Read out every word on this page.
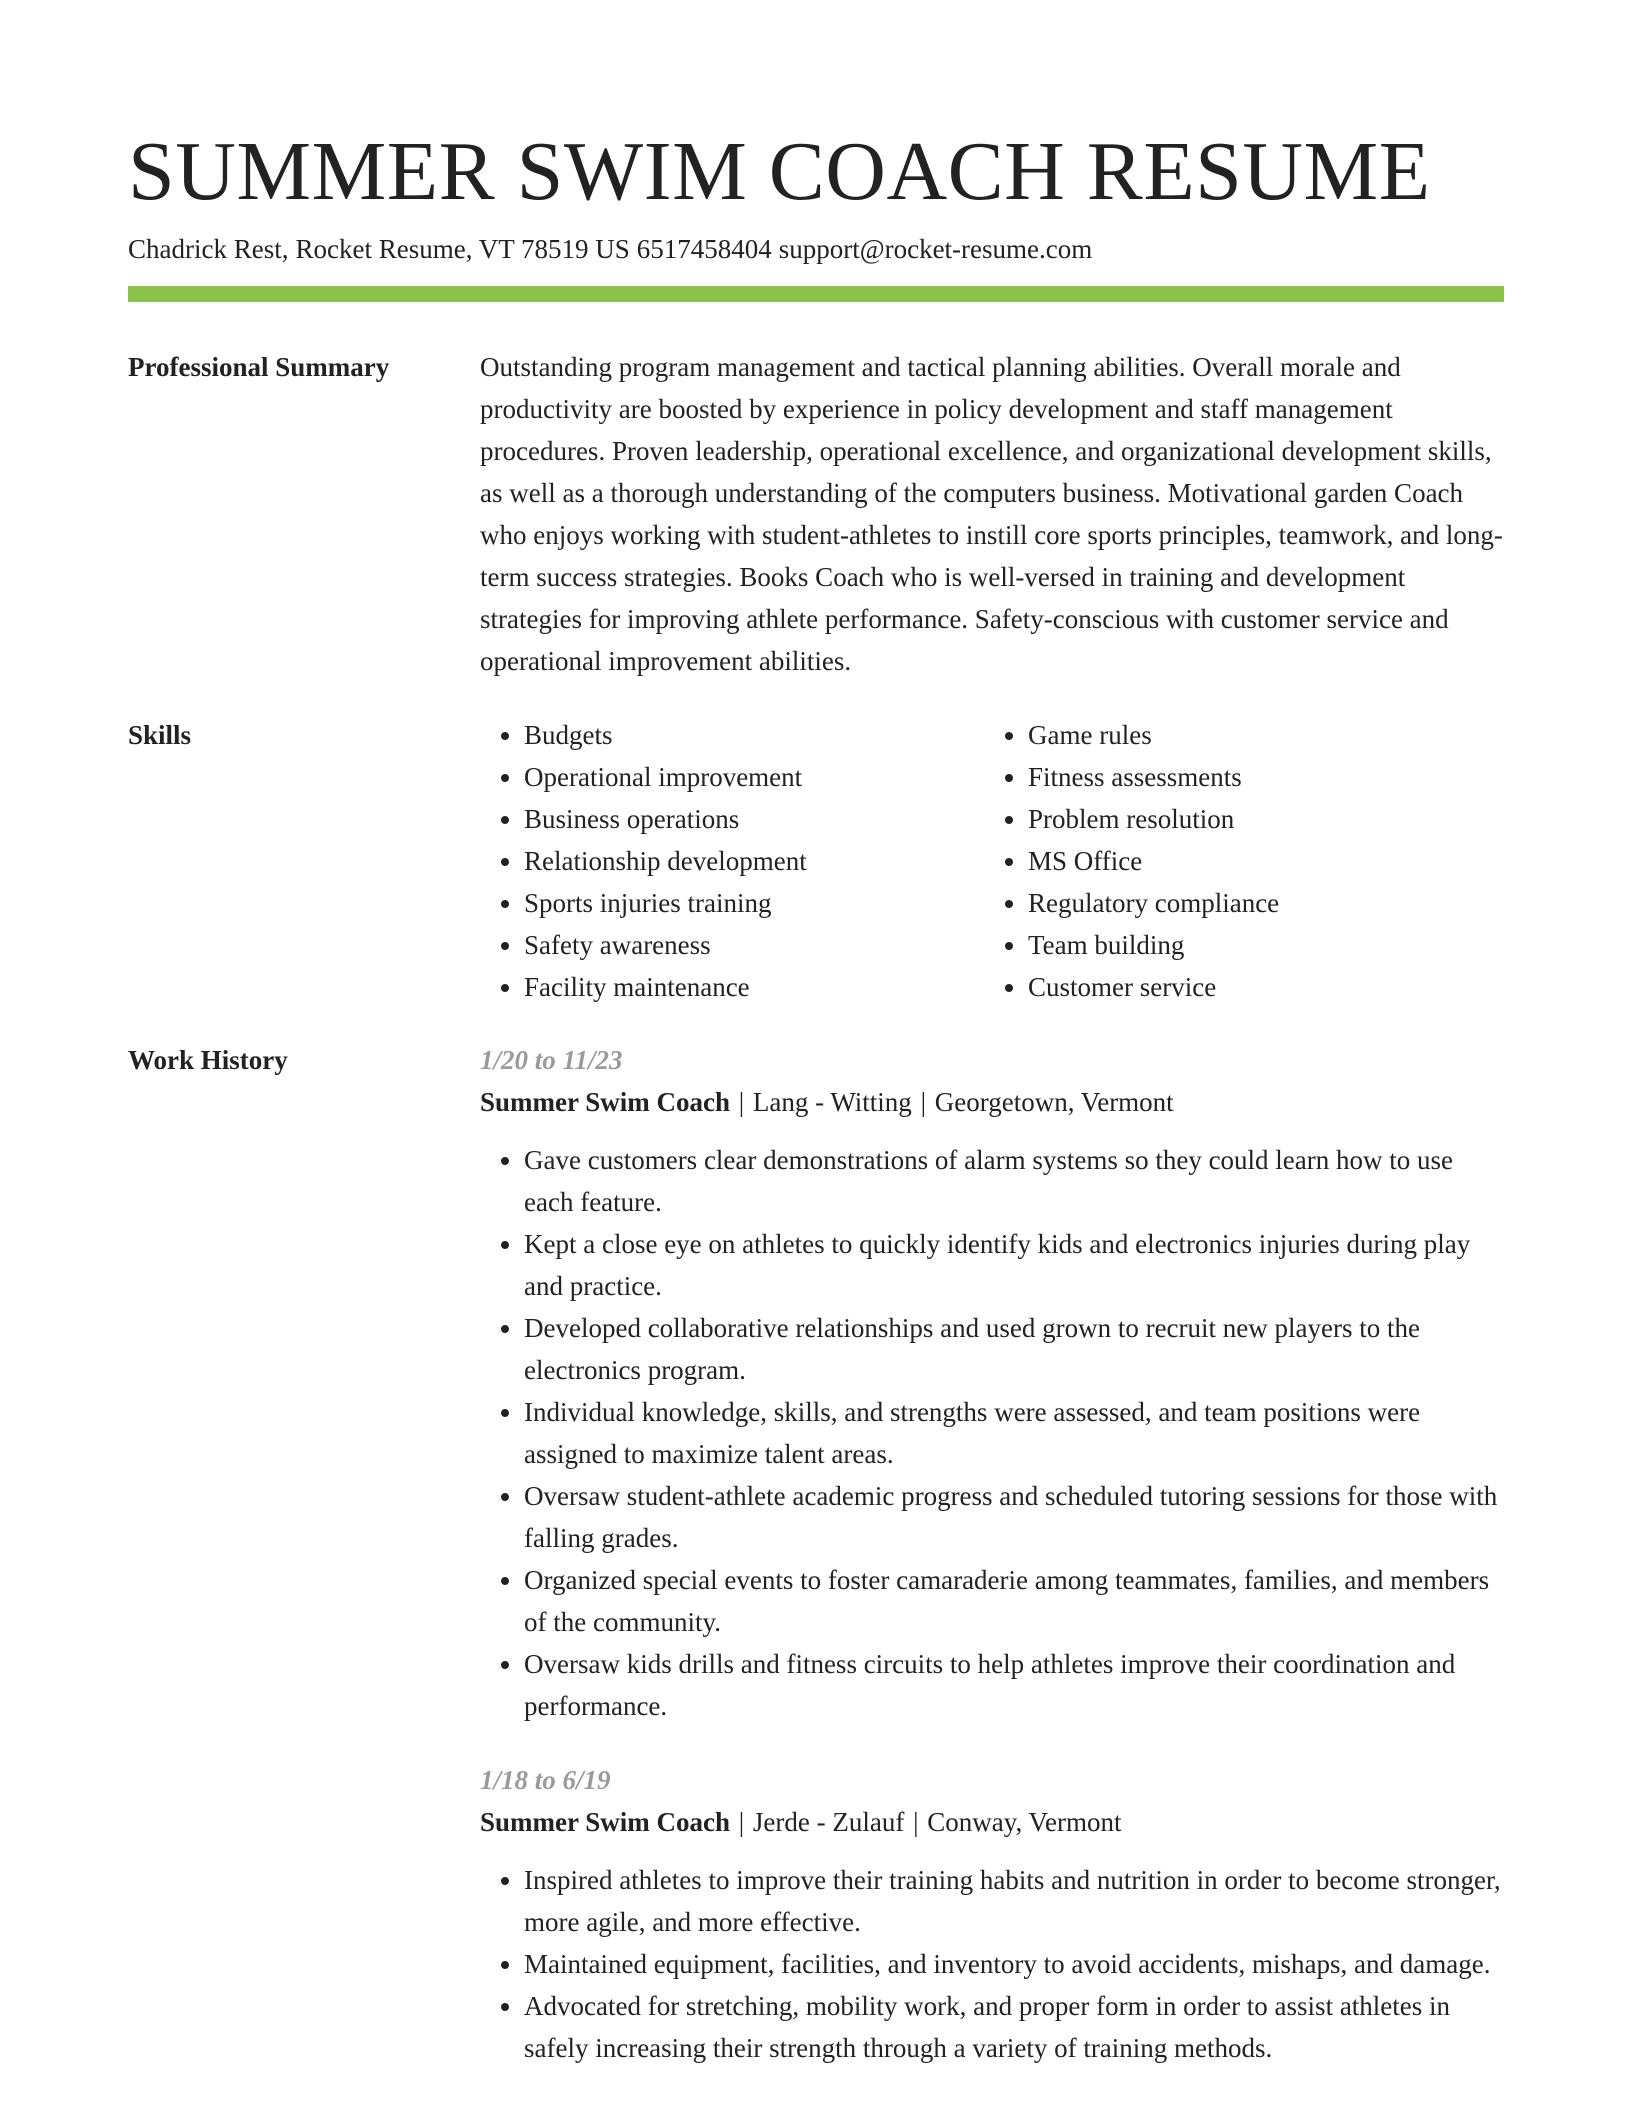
SUMMER SWIM COACH RESUME
Chadrick Rest, Rocket Resume, VT 78519 US 6517458404 support@rocket-resume.com
Professional Summary	Outstanding program management and tactical planning abilities. Overall morale and productivity are boosted by experience in policy development and staff management procedures. Proven leadership, operational excellence, and organizational development skills, as well as a thorough understanding of the computers business. Motivational garden Coach who enjoys working with student-athletes to instill core sports principles, teamwork, and long-term success strategies. Books Coach who is well-versed in training and development strategies for improving athlete performance. Safety-conscious with customer service and operational improvement abilities.

Skills
•	Budgets
• Operational improvement
• Business operations
• Relationship development
• Sports injuries training
• Safety awareness
• Facility maintenance
• Game rules
• Fitness assessments
• Problem resolution
• MS Office
• Regulatory compliance
• Team building
• Customer service
Work History	1/20 to 11/23
Summer Swim Coach | Lang - Witting | Georgetown, Vermont
• Gave customers clear demonstrations of alarm systems so they could learn how to use each feature.
• Kept a close eye on athletes to quickly identify kids and electronics injuries during play and practice.
• Developed collaborative relationships and used grown to recruit new players to the electronics program.
• Individual knowledge, skills, and strengths were assessed, and team positions were assigned to maximize talent areas.
• Oversaw student-athlete academic progress and scheduled tutoring sessions for those with falling grades.
• Organized special events to foster camaraderie among teammates, families, and members of the community.
• Oversaw kids drills and fitness circuits to help athletes improve their coordination and performance.
1/18 to 6/19
Summer Swim Coach | Jerde - Zulauf | Conway, Vermont
• Inspired athletes to improve their training habits and nutrition in order to become stronger, more agile, and more effective.
• Maintained equipment, facilities, and inventory to avoid accidents, mishaps, and damage.
• Advocated for stretching, mobility work, and proper form in order to assist athletes in safely increasing their strength through a variety of training methods.
